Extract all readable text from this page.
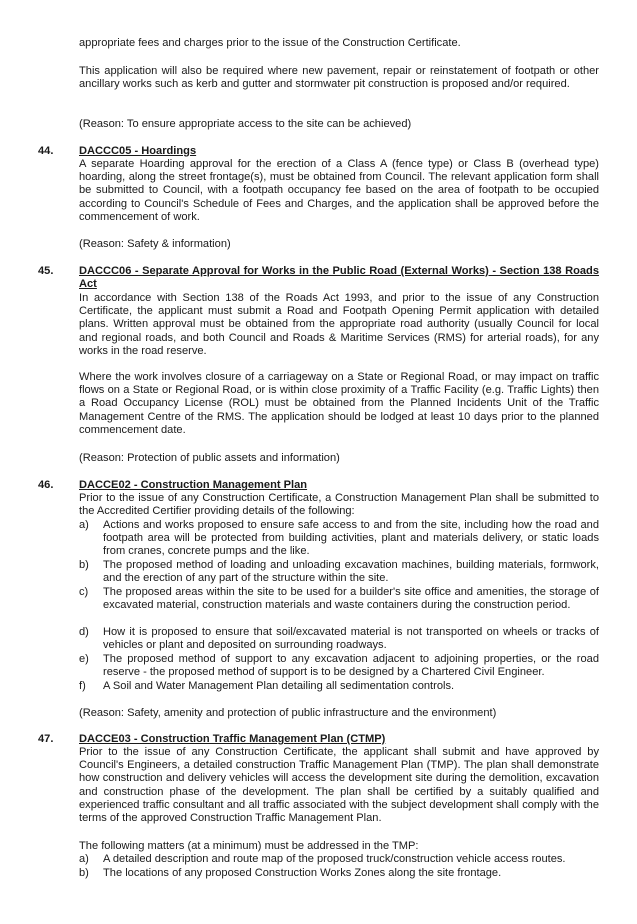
appropriate fees and charges prior to the issue of the Construction Certificate.

This application will also be required where new pavement, repair or reinstatement of footpath or other ancillary works such as kerb and gutter and stormwater pit construction is proposed and/or required.

(Reason: To ensure appropriate access to the site can be achieved)

44. DACCC05 - Hoardings

A separate Hoarding approval for the erection of a Class A (fence type) or Class B (overhead type) hoarding, along the street frontage(s), must be obtained from Council. The relevant application form shall be submitted to Council, with a footpath occupancy fee based on the area of footpath to be occupied according to Council's Schedule of Fees and Charges, and the application shall be approved before the commencement of work.

(Reason: Safety & information)

45. DACCC06 - Separate Approval for Works in the Public Road (External Works) - Section 138 Roads Act

In accordance with Section 138 of the Roads Act 1993, and prior to the issue of any Construction Certificate, the applicant must submit a Road and Footpath Opening Permit application with detailed plans. Written approval must be obtained from the appropriate road authority (usually Council for local and regional roads, and both Council and Roads & Maritime Services (RMS) for arterial roads), for any works in the road reserve.

Where the work involves closure of a carriageway on a State or Regional Road, or may impact on traffic flows on a State or Regional Road, or is within close proximity of a Traffic Facility (e.g. Traffic Lights) then a Road Occupancy License (ROL) must be obtained from the Planned Incidents Unit of the Traffic Management Centre of the RMS. The application should be lodged at least 10 days prior to the planned commencement date.

(Reason: Protection of public assets and information)

46. DACCE02 - Construction Management Plan

Prior to the issue of any Construction Certificate, a Construction Management Plan shall be submitted to the Accredited Certifier providing details of the following:

a) Actions and works proposed to ensure safe access to and from the site, including how the road and footpath area will be protected from building activities, plant and materials delivery, or static loads from cranes, concrete pumps and the like.
b) The proposed method of loading and unloading excavation machines, building materials, formwork, and the erection of any part of the structure within the site.
c) The proposed areas within the site to be used for a builder's site office and amenities, the storage of excavated material, construction materials and waste containers during the construction period.
d) How it is proposed to ensure that soil/excavated material is not transported on wheels or tracks of vehicles or plant and deposited on surrounding roadways.
e) The proposed method of support to any excavation adjacent to adjoining properties, or the road reserve - the proposed method of support is to be designed by a Chartered Civil Engineer.
f) A Soil and Water Management Plan detailing all sedimentation controls.

(Reason: Safety, amenity and protection of public infrastructure and the environment)

47. DACCE03 - Construction Traffic Management Plan (CTMP)

Prior to the issue of any Construction Certificate, the applicant shall submit and have approved by Council's Engineers, a detailed construction Traffic Management Plan (TMP). The plan shall demonstrate how construction and delivery vehicles will access the development site during the demolition, excavation and construction phase of the development. The plan shall be certified by a suitably qualified and experienced traffic consultant and all traffic associated with the subject development shall comply with the terms of the approved Construction Traffic Management Plan.

The following matters (at a minimum) must be addressed in the TMP:

a) A detailed description and route map of the proposed truck/construction vehicle access routes.
b) The locations of any proposed Construction Works Zones along the site frontage.
